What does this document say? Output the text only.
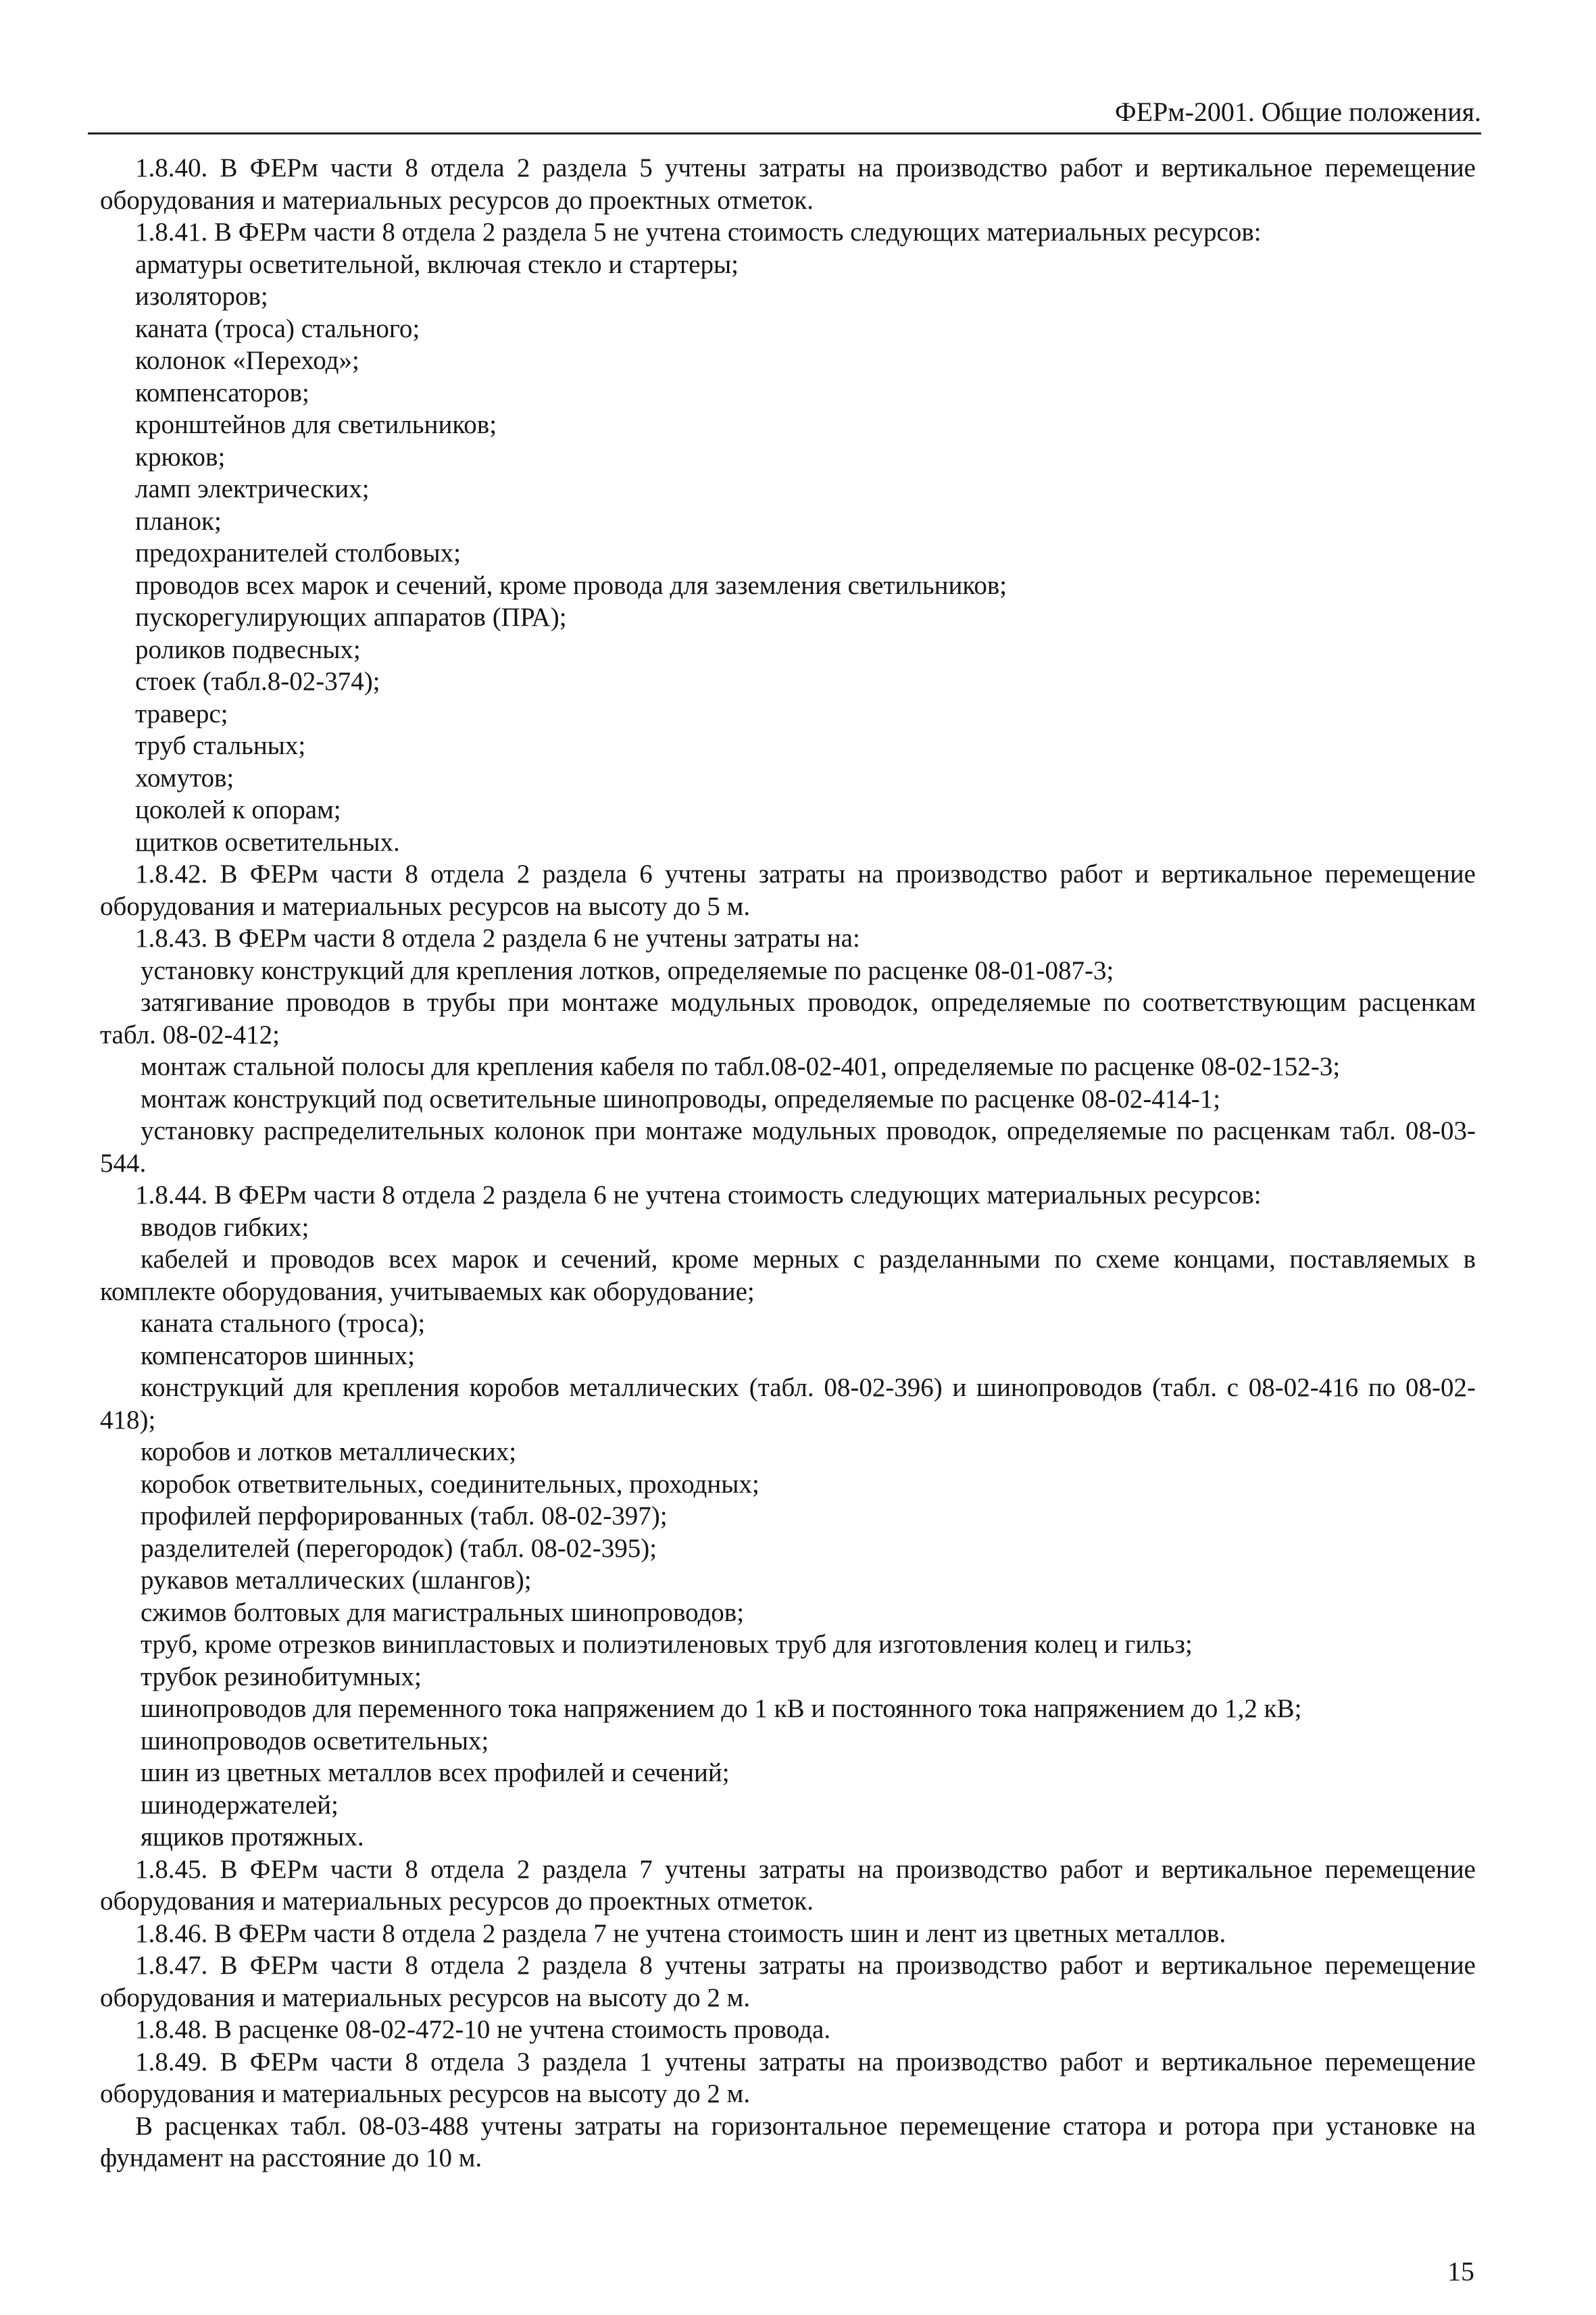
ФЕРм-2001. Общие положения.
1.8.40. В ФЕРм части 8 отдела 2 раздела 5 учтены затраты на производство работ и вертикальное перемещение оборудования и материальных ресурсов до проектных отметок.
1.8.41. В ФЕРм части 8 отдела 2 раздела 5 не учтена стоимость следующих материальных ресурсов:
арматуры осветительной, включая стекло и стартеры;
изоляторов;
каната (троса) стального;
колонок «Переход»;
компенсаторов;
кронштейнов для светильников;
крюков;
ламп электрических;
планок;
предохранителей столбовых;
проводов всех марок и сечений, кроме провода для заземления светильников;
пускорегулирующих аппаратов (ПРА);
роликов подвесных;
стоек (табл.8-02-374);
траверс;
труб стальных;
хомутов;
цоколей к опорам;
щитков осветительных.
1.8.42. В ФЕРм части 8 отдела 2 раздела 6 учтены затраты на производство работ и вертикальное перемещение оборудования и материальных ресурсов на высоту до 5 м.
1.8.43. В ФЕРм части 8 отдела 2 раздела 6 не учтены затраты на:
установку конструкций для крепления лотков, определяемые по расценке 08-01-087-3;
затягивание проводов в трубы при монтаже модульных проводок, определяемые по соответствующим расценкам табл. 08-02-412;
монтаж стальной полосы для крепления кабеля по табл.08-02-401, определяемые по расценке 08-02-152-3;
монтаж конструкций под осветительные шинопроводы, определяемые по расценке 08-02-414-1;
установку распределительных колонок при монтаже модульных проводок, определяемые по расценкам табл. 08-03-544.
1.8.44. В ФЕРм части 8 отдела 2 раздела 6 не учтена стоимость следующих материальных ресурсов:
вводов гибких;
кабелей и проводов всех марок и сечений, кроме мерных с разделанными по схеме концами, поставляемых в комплекте оборудования, учитываемых как оборудование;
каната стального (троса);
компенсаторов шинных;
конструкций для крепления коробов металлических (табл. 08-02-396) и шинопроводов (табл. с 08-02-416 по 08-02-418);
коробов и лотков металлических;
коробок ответвительных, соединительных, проходных;
профилей перфорированных (табл. 08-02-397);
разделителей (перегородок) (табл. 08-02-395);
рукавов металлических (шлангов);
сжимов болтовых для магистральных шинопроводов;
труб, кроме отрезков винипластовых и полиэтиленовых труб для изготовления колец и гильз;
трубок резинобитумных;
шинопроводов для переменного тока напряжением до 1 кВ и постоянного тока напряжением до 1,2 кВ;
шинопроводов осветительных;
шин из цветных металлов всех профилей и сечений;
шинодержателей;
ящиков протяжных.
1.8.45. В ФЕРм части 8 отдела 2 раздела 7 учтены затраты на производство работ и вертикальное перемещение оборудования и материальных ресурсов до проектных отметок.
1.8.46. В ФЕРм части 8 отдела 2 раздела 7 не учтена стоимость шин и лент из цветных металлов.
1.8.47. В ФЕРм части 8 отдела 2 раздела 8 учтены затраты на производство работ и вертикальное перемещение оборудования и материальных ресурсов на высоту до 2 м.
1.8.48. В расценке 08-02-472-10 не учтена стоимость провода.
1.8.49. В ФЕРм части 8 отдела 3 раздела 1 учтены затраты на производство работ и вертикальное перемещение оборудования и материальных ресурсов на высоту до 2 м.
В расценках табл. 08-03-488 учтены затраты на горизонтальное перемещение статора и ротора при установке на фундамент на расстояние до 10 м.
15
